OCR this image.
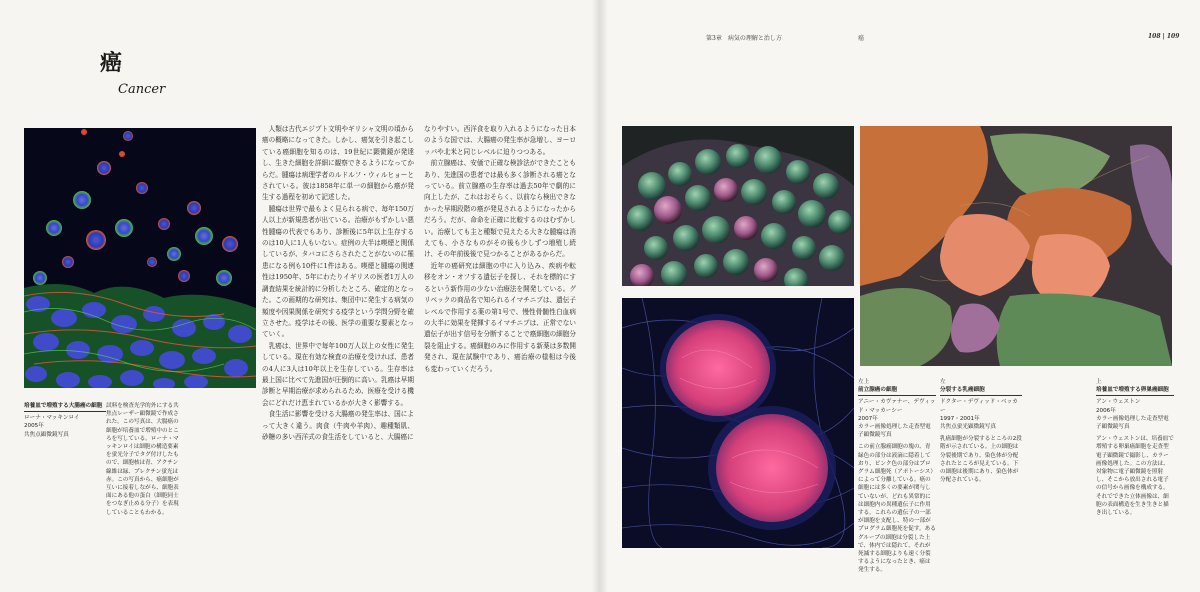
癌
Cancer
培養皿で増殖する大腸癌の細胞
ローナ・マッキンロイ
2005年
共焦点顕微鏡写真

試料を検査光学的外にする共焦点レーザー顕微鏡で作成された。この写真は、大腸癌の細胞が培養皿で増殖中のところを写している。ローナ・マッキンロイは細胞の構造要素を蛍光分子でタグ付けしたもので、細胞核は青、アクチン線維は緑、プレクチン蛍光は赤。この写真から、癌細胞が互いに接着しながら、細胞表面にある他の蛋白（細胞同士をつなぎ止める分子）を表現していることもわかる。

人類は古代エジプト文明やギリシャ文明の頃から癌の概略になってきた。しかし、癌気を引き起こしている癌細胞を知るのは、19世紀に顕微鏡が発達し、生きた細胞を詳細に観察できるようになってからだ。腫瘍は病理学者のルドルフ・ウィルヒョーとされている。彼は1858年に単一の細胞から癌が発生する過程を初めて記述した。

腫瘍は世界で最もよく見られる病で、毎年150万人以上が新規患者が出ている。治療がもずかしい悪性腫瘍の代表でもあり、診断後に5年以上生存するのは10人に1人もいない。症例の大半は喫煙と関係しているが、タバコにさらされたことがないのに罹患になる例も10件に1件はある。喫煙と腫瘍の関連性は1950年、5年にわたりイギリスの医者1万人の調査結果を統計的に分析したところ、確定的となった。この画期的な研究は、集団中に発生する病気の頻度や因果関係を研究する疫学という学問分野を確立させた。疫学はその後、医学の重要な要素となっていく。

乳癌は、世界中で毎年100万人以上の女性に発生している。現在有効な検査の治療を受ければ、患者の4人に3人は10年以上を生存している。生存率は最上国に比べて先進国が圧倒的に高い。乳癌は早期診断と早期治療が求められるため、医療を受ける機会にどれだけ恵まれているかが大きく影響する。

食生活に影響を受ける大腸癌の発生率は、国によって大きく違う。肉食（牛肉や羊肉）、趣種類肌、砂糖の多い西洋式の食生活をしていると、大腸癌に

なりやすい。西洋食を取り入れるようになった日本のような国では、大腸癌の発生率が急増し、ヨーロッパや北米と同じレベルに迫りつつある。

前立腺癌は、安価で正確な検診法ができたこともあり、先進国の患者では最も多く診断される癌となっている。前立腺癌の生存率は過去50年で劇的に向上したが、これはおそらく、以前なら検出できなかった早期段階の癌が発見されるようになったからだろう。だが、命命を正確に比較するのはむずかしい。治療しても主と種類で見えたる大きな腫瘍は消えても、小さなものがその後も少しずつ増殖し続け、その年前後後で見つかることがあるからだ。

近年の癌研究は細胞の中に入り込み、疾病や転移をオン・オフする遺伝子を探し、それを標的にするという新作用の少ない治療法を開発している。グリベックの商品名で知られるイマチニブは、遺伝子レベルで作用する薬の第1号で、慢性骨髄性白血病の大半に効果を発揮するイマチニブは、正常でない遺伝子が出す信号を分断することで癌細胞の細胞分裂を阻止する。癌細胞のみに作用する新薬は多数開発され、現在試験中であり、癌治療の様相は今後も変わっていくだろう。

第3章　病気の理解と治し方	癌	108 | 109
左上
前立腺癌の細胞
アニー・カヴァナー、デヴィッド・マッカーシー
2007年
カラー画像処理した走査型電子顕微鏡写真

この前立腺癌細胞の塊の、青緑色の部分は液滴に隠着しており、ピンク色の部分はプログラム細胞死（アポトーシス）によって分離している。癌の細胞には多くの要素が関与していないが、どれも異常的には細胞内の異種遺伝子に作用する。これらの遺伝子の一部が細胞を支配し、特の一部がプログラム細胞死を促す。あるグループの細胞は分裂した上で、体内では隠れて、それが死滅する細胞よりも速く分裂するようになったとき、癌は発生する。

左
分裂する乳癌細胞
ドクター・デヴィッド・ベッカー
1997・2001年
共焦点蛍光顕微鏡写真

乳癌細胞が分裂するところの2段階が示されている。上の細胞は分裂後期であり、染色体が分配されたところが見えている。下の細胞は後期にあり、染色体が分配されている。

上
培養皿で増殖する卵巣癌細胞
アン・ウェストン
2006年
カラー画像処理した走査型電子顕微鏡写真

アン・ウェストンは、培養皿で増殖する卵巣癌細胞を走査型電子顕微鏡で撮影し、カラー画像処理した。この方法は、対象物に電子顕微鏡を照射し、そこから放出される電子の信号から画像を構成する。それでできた立体画像は、細胞の表面構造を生き生きと描き出している。
